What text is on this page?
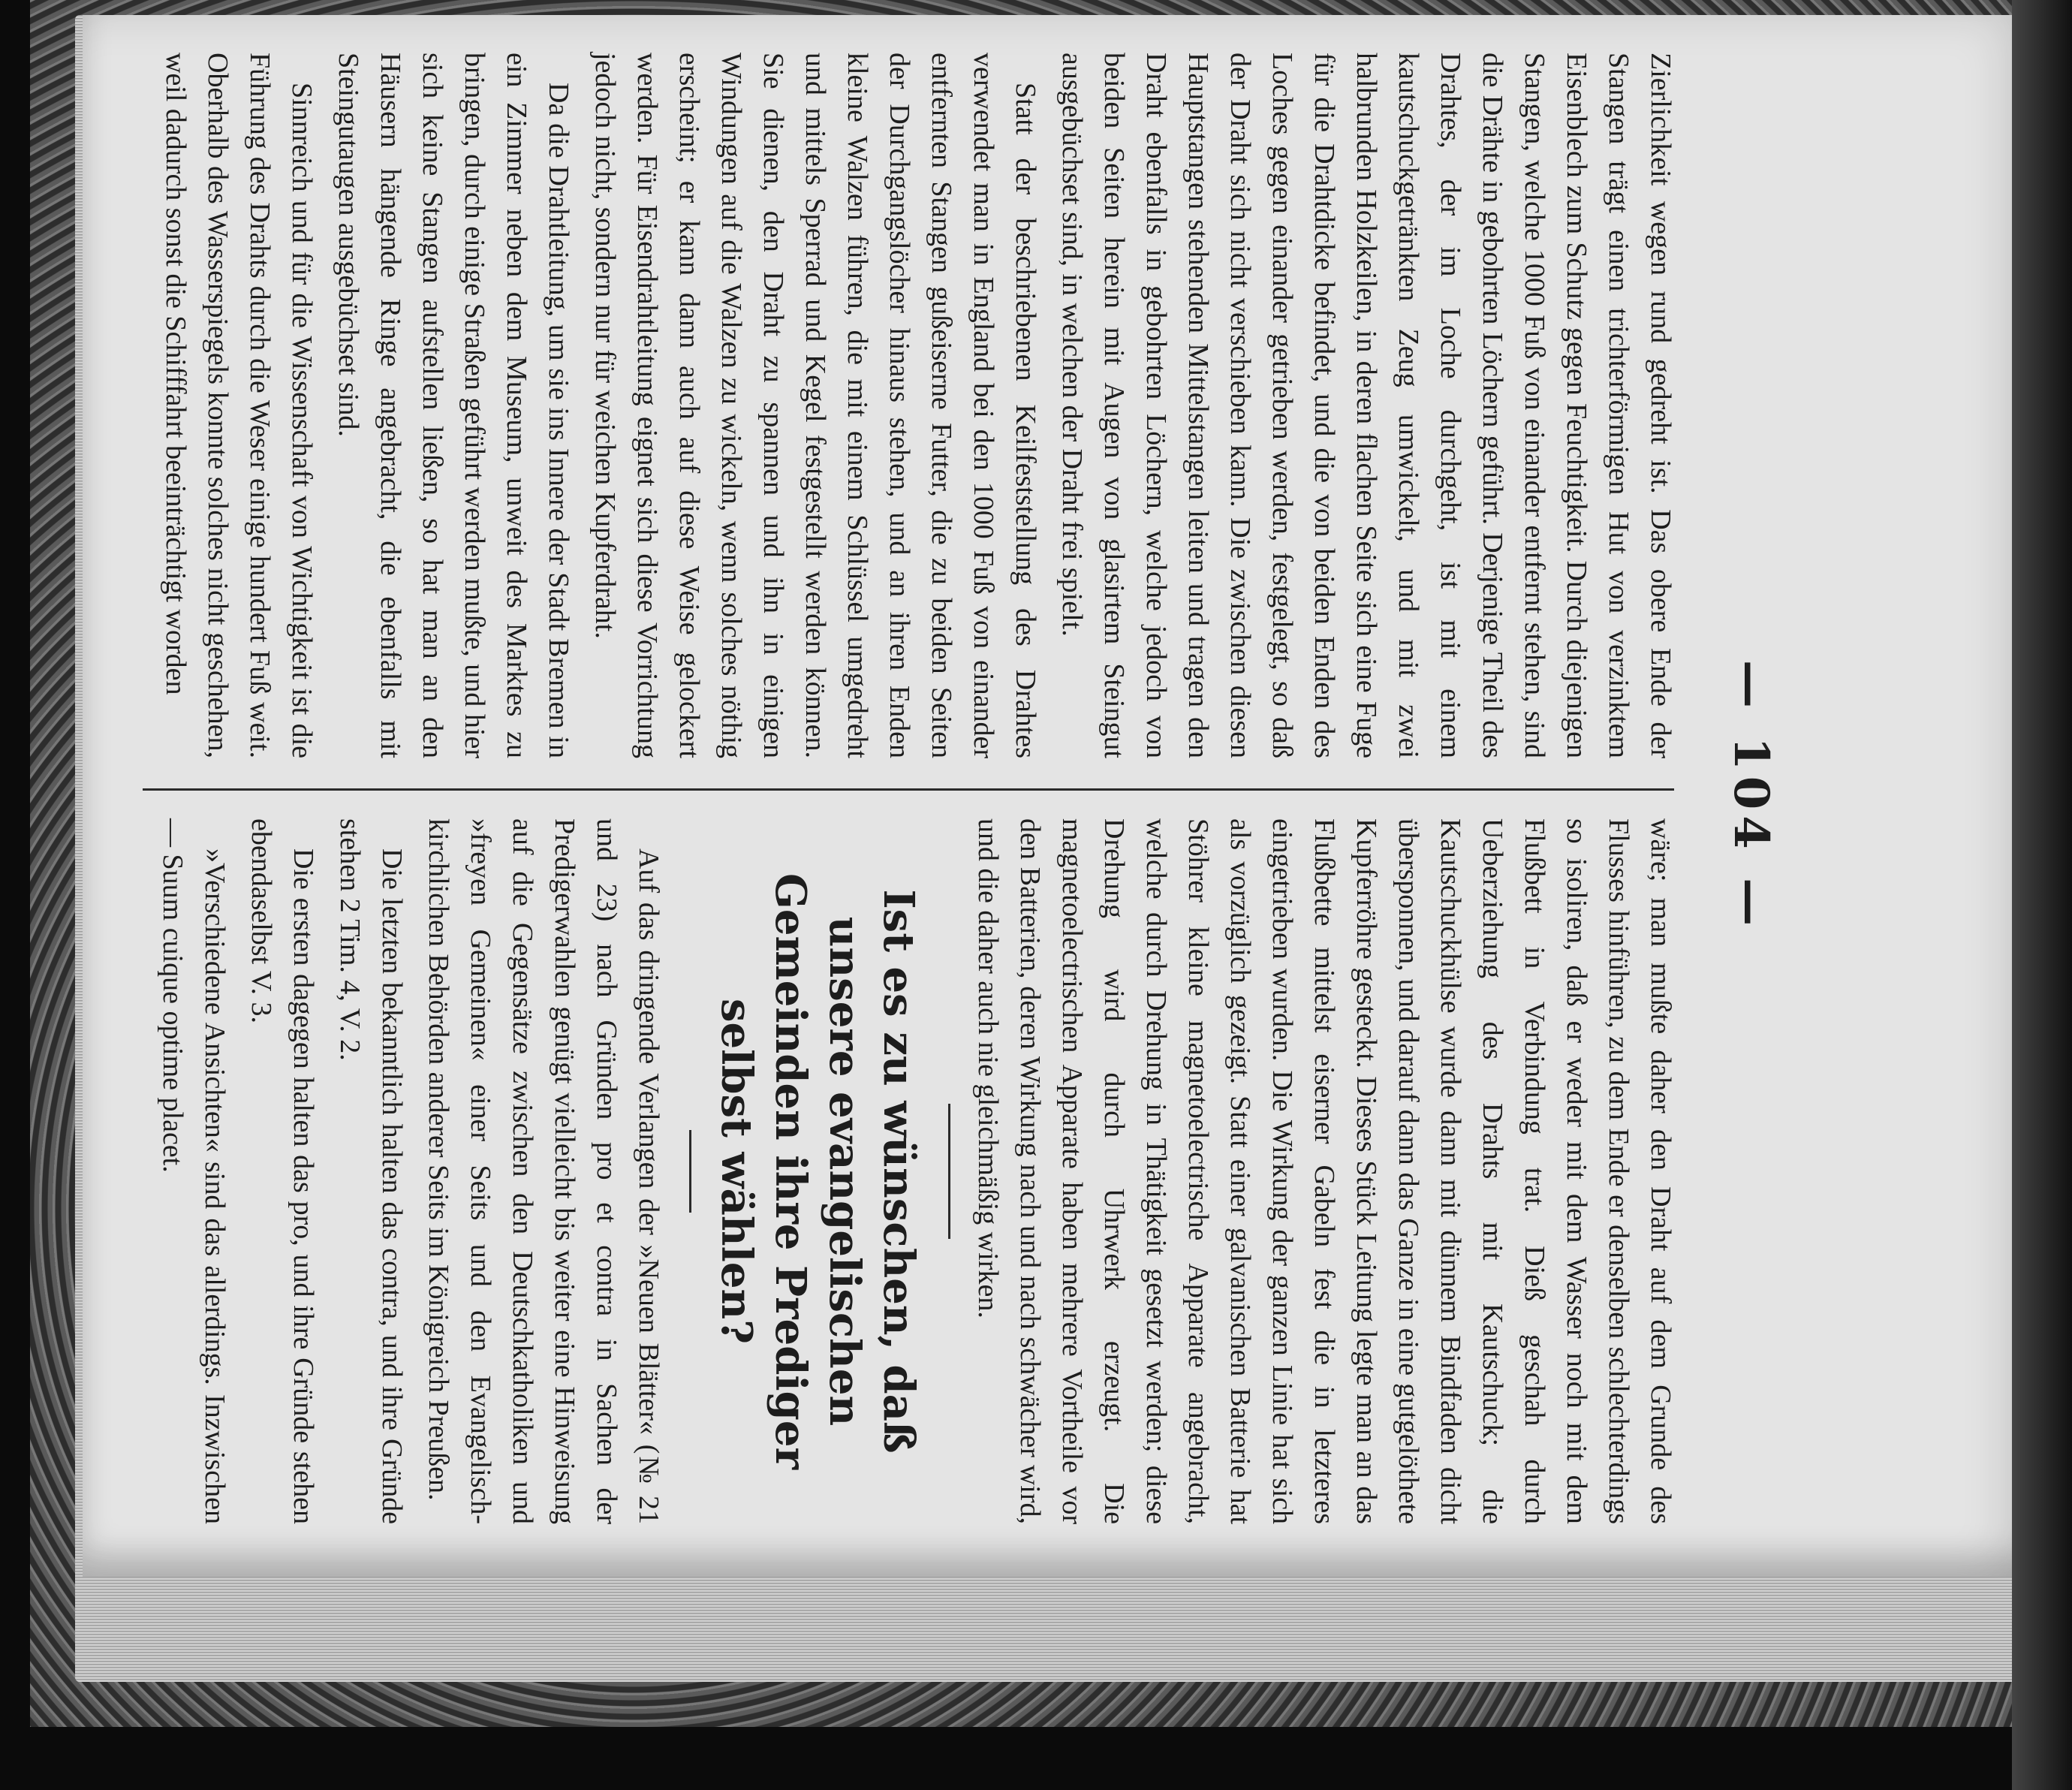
— 104 —

Zierlichkeit wegen rund gedreht ist. Das obere Ende der Stangen trägt einen trichterförmigen Hut von verzinktem Eisenblech zum Schutz gegen Feuchtigkeit. Durch diejenigen Stangen, welche 1000 Fuß von einander entfernt stehen, sind die Drähte in gebohrten Löchern geführt. Derjenige Theil des Drahtes, der im Loche durchgeht, ist mit einem kautschuckgetränkten Zeug umwickelt, und mit zwei halbrunden Holzkeilen, in deren flachen Seite sich eine Fuge für die Drahtdicke befindet, und die von beiden Enden des Loches gegen einander getrieben werden, festgelegt, so daß der Draht sich nicht verschieben kann. Die zwischen diesen Hauptstangen stehenden Mittelstangen leiten und tragen den Draht ebenfalls in gebohrten Löchern, welche jedoch von beiden Seiten herein mit Augen von glasirtem Steingut ausgebüchset sind, in welchen der Draht frei spielt.

Statt der beschriebenen Keilfeststellung des Drahtes verwendet man in England bei den 1000 Fuß von einander entfernten Stangen gußeiserne Futter, die zu beiden Seiten der Durchgangslöcher hinaus stehen, und an ihren Enden kleine Walzen führen, die mit einem Schlüssel umgedreht und mittels Sperrad und Kegel festgestellt werden können. Sie dienen, den Draht zu spannen und ihn in einigen Windungen auf die Walzen zu wickeln, wenn solches nöthig erscheint; er kann dann auch auf diese Weise gelockert werden. Für Eisendrahtleitung eignet sich diese Vorrichtung jedoch nicht, sondern nur für weichen Kupferdraht.

Da die Drahtleitung, um sie ins Innere der Stadt Bremen in ein Zimmer neben dem Museum, unweit des Marktes zu bringen, durch einige Straßen geführt werden mußte, und hier sich keine Stangen aufstellen ließen, so hat man an den Häusern hängende Ringe angebracht, die ebenfalls mit Steingutaugen ausgebüchset sind.

Sinnreich und für die Wissenschaft von Wichtigkeit ist die Führung des Drahts durch die Weser einige hundert Fuß weit. Oberhalb des Wasserspiegels konnte solches nicht geschehen, weil dadurch sonst die Schifffahrt beeinträchtigt worden

wäre; man mußte daher den Draht auf dem Grunde des Flusses hinführen, zu dem Ende er denselben schlechterdings so isoliren, daß er weder mit dem Wasser noch mit dem Flußbett in Verbindung trat. Dieß geschah durch Ueberziehung des Drahts mit Kautschuck; die Kautschuckhülse wurde dann mit dünnem Bindfaden dicht übersponnen, und darauf dann das Ganze in eine gutgelöthete Kupferröhre gesteckt. Dieses Stück Leitung legte man an das Flußbette mittelst eiserner Gabeln fest die in letzteres eingetrieben wurden. Die Wirkung der ganzen Linie hat sich als vorzüglich gezeigt. Statt einer galvanischen Batterie hat Stöhrer kleine magnetoelectrische Apparate angebracht, welche durch Drehung in Thätigkeit gesetzt werden; diese Drehung wird durch Uhrwerk erzeugt. Die magnetoelectrischen Apparate haben mehrere Vortheile vor den Batterien, deren Wirkung nach und nach schwächer wird, und die daher auch nie gleichmäßig wirken.

Ist es zu wünschen, daß unsere evangelischen Gemeinden ihre Prediger selbst wählen?

Auf das dringende Verlangen der »Neuen Blätter« (№ 21 und 23) nach Gründen pro et contra in Sachen der Predigerwahlen genügt vielleicht bis weiter eine Hinweisung auf die Gegensätze zwischen den Deutschkatholiken und »freyen Gemeinen« einer Seits und den Evangelisch-kirchlichen Behörden anderer Seits im Königreich Preußen.

Die letzten bekanntlich halten das contra, und ihre Gründe stehen 2 Tim. 4, V. 2.

Die ersten dagegen halten das pro, und ihre Gründe stehen ebendaselbst V. 3.

»Verschiedene Ansichten« sind das allerdings. Inzwischen — Suum cuique optime placet.
